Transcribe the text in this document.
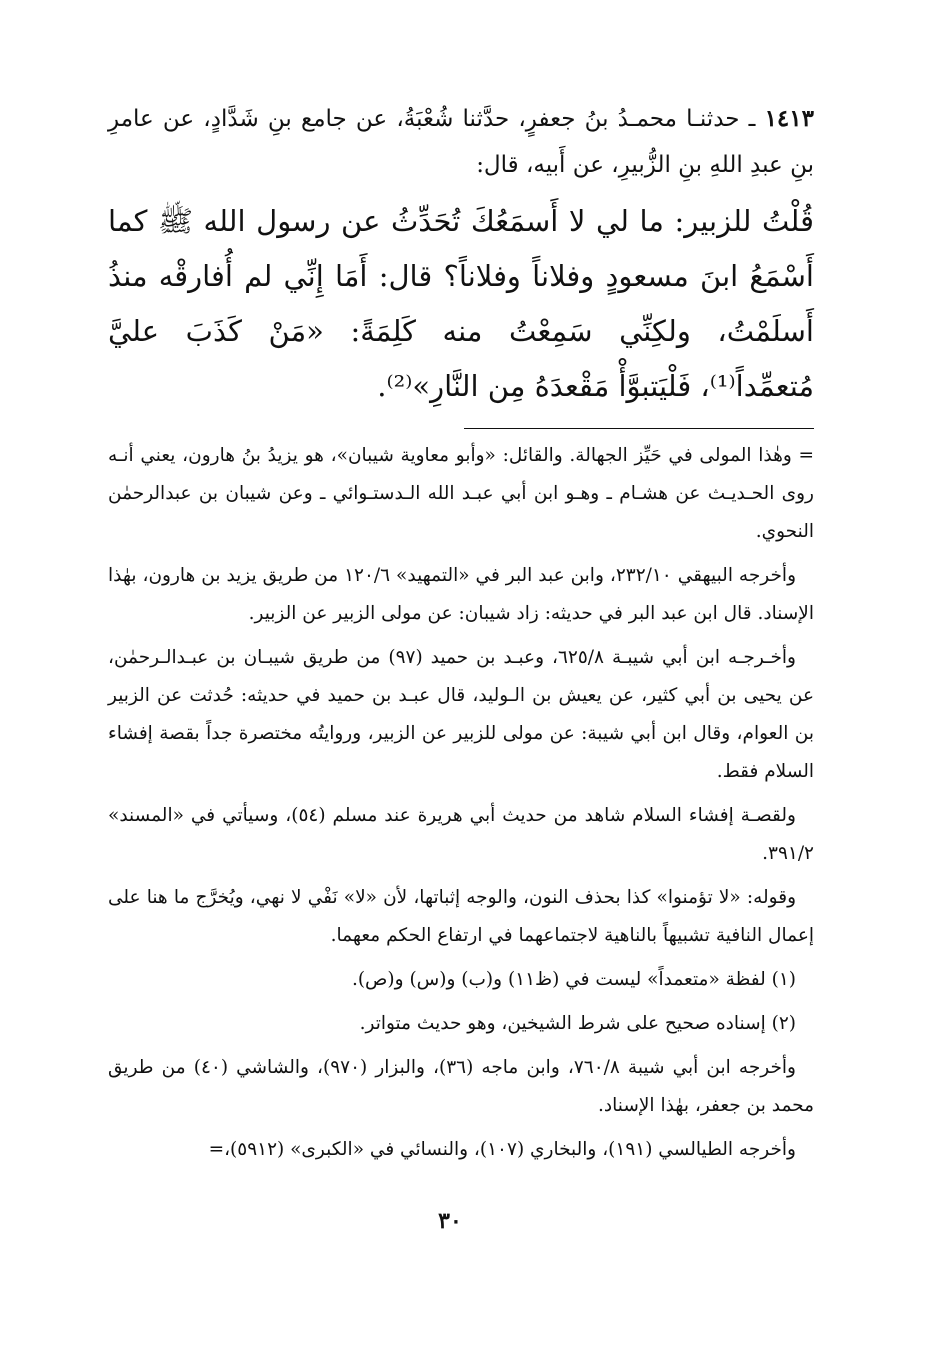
١٤١٣ ـ حدثنـا محمـدُ بنُ جعفرٍ، حدَّثنا شُعْبَةُ، عن جامع بنِ شَدَّادٍ، عن عامرِ بنِ عبدِ اللهِ بنِ الزُّبيرِ، عن أَبيه، قال:

قُلْتُ للزبير: ما لي لا أَسمَعُكَ تُحَدِّثُ عن رسول الله ﷺ كما أَسْمَعُ ابنَ مسعودٍ وفلاناً وفلاناً؟ قال: أَمَا إِنِّي لم أُفارقْه منذُ أَسلَمْتُ، ولكِنِّي سَمِعْتُ منه كَلِمَةً: «مَنْ كَذَبَ عليَّ مُتعمِّداً⁽¹⁾، فَلْيَتبوَّأْ مَقْعدَهُ مِن النَّارِ»⁽²⁾.

= وهٰذا المولى في حَيِّز الجهالة. والقائل: «وأبو معاوية شيبان»، هو يزيدُ بنُ هارون، يعني أنـه روى الحـديـث عن هشـام ـ وهـو ابن أبي عبـد الله الـدستـوائي ـ وعن شيبان بن عبدالرحمٰن النحوي.

وأخرجه البيهقي ٢٣٢/١٠، وابن عبد البر في «التمهيد» ١٢٠/٦ من طريق يزيد بن هارون، بهٰذا الإسناد. قال ابن عبد البر في حديثه: زاد شيبان: عن مولى الزبير عن الزبير.

وأخـرجـه ابن أبي شيبـة ٦٢٥/٨، وعبـد بن حميد (٩٧) من طريق شيبـان بن عبـدالـرحمٰن، عن يحيى بن أبي كثير، عن يعيش بن الـوليد، قال عبـد بن حميد في حديثه: حُدثت عن الزبير بن العوام، وقال ابن أبي شيبة: عن مولى للزبير عن الزبير، وروايتُه مختصرة جداً بقصة إفشاء السلام فقط.

ولقصـة إفشاء السلام شاهد من حديث أبي هريرة عند مسلم (٥٤)، وسيأتي في «المسند» ٣٩١/٢.

وقوله: «لا تؤمنوا» كذا بحذف النون، والوجه إثباتها، لأن «لا» نَفْي لا نهي، ويُخرَّج ما هنا على إعمال النافية تشبيهاً بالناهية لاجتماعهما في ارتفاع الحكم معهما.

(١) لفظة «متعمداً» ليست في (ظ١١) و(ب) و(س) و(ص).

(٢) إسناده صحيح على شرط الشيخين، وهو حديث متواتر.

وأخرجه ابن أبي شيبة ٧٦٠/٨، وابن ماجه (٣٦)، والبزار (٩٧٠)، والشاشي (٤٠) من طريق محمد بن جعفر، بهٰذا الإسناد.

وأخرجه الطيالسي (١٩١)، والبخاري (١٠٧)، والنسائي في «الكبرى» (٥٩١٢)،=

٣٠
